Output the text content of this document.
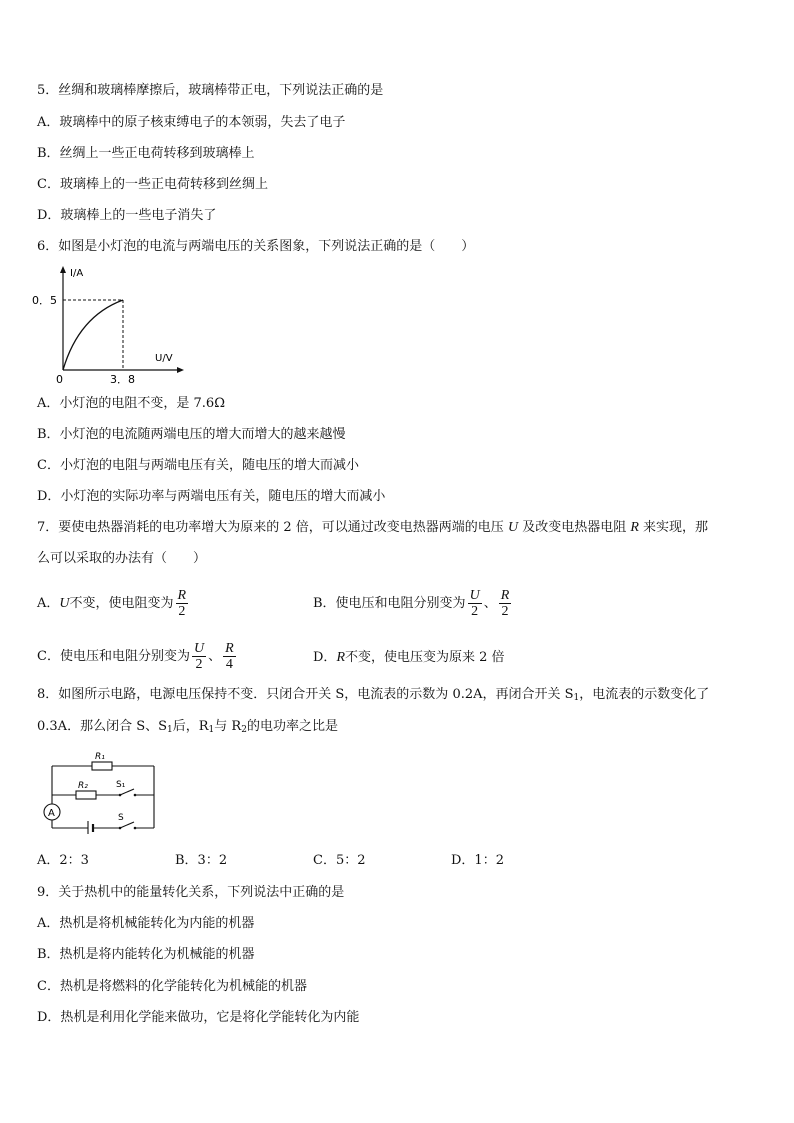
5．丝绸和玻璃棒摩擦后，玻璃棒带正电，下列说法正确的是
A．玻璃棒中的原子核束缚电子的本领弱，失去了电子
B．丝绸上一些正电荷转移到玻璃棒上
C．玻璃棒上的一些正电荷转移到丝绸上
D．玻璃棒上的一些电子消失了
6．如图是小灯泡的电流与两端电压的关系图象，下列说法正确的是（　　）
I/A
U/V
0．5
0	3．8
A．小灯泡的电阻不变，是 7.6Ω
B．小灯泡的电流随两端电压的增大而增大的越来越慢
C．小灯泡的电阻与两端电压有关，随电压的增大而减小
D．小灯泡的实际功率与两端电压有关，随电压的增大而减小
7．要使电热器消耗的电功率增大为原来的 2 倍，可以通过改变电热器两端的电压 U 及改变电热器电阻 R 来实现，那
么可以采取的办法有（　　）
A．U不变，使电阻变为 $\frac{R}{2}$	B．使电压和电阻分别变为 $\frac{U}{2}$ 、 $\frac{R}{2}$
C．使电压和电阻分别变为 $\frac{U}{2}$ 、 $\frac{R}{4}$	D．R不变，使电压变为原来 2 倍
8．如图所示电路，电源电压保持不变．只闭合开关 S，电流表的示数为 0.2A，再闭合开关 $S_1$，电流表的示数变化了
0.3A．那么闭合 S、$S_1$后，$R_1$与 $R_2$的电功率之比是
R₁
R₂	S₁
A	S
A．2：3	B．3：2	C．5：2	D．1：2
9．关于热机中的能量转化关系，下列说法中正确的是
A．热机是将机械能转化为内能的机器
B．热机是将内能转化为机械能的机器
C．热机是将燃料的化学能转化为机械能的机器
D．热机是利用化学能来做功，它是将化学能转化为内能
